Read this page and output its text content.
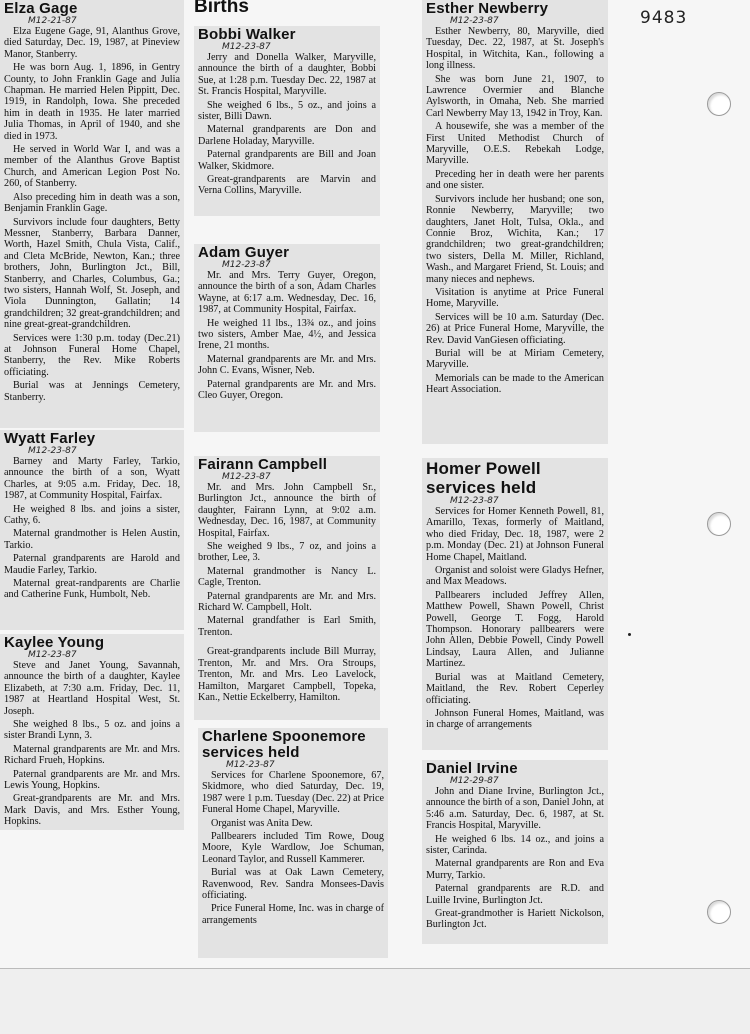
Births
9483
Elza Gage
M12-21-87

Elza Eugene Gage, 91, Alanthus Grove, died Saturday, Dec. 19, 1987, at Pineview Manor, Stanberry.

He was born Aug. 1, 1896, in Gentry County, to John Franklin Gage and Julia Chapman. He married Helen Pippitt, Dec. 1919, in Randolph, Iowa. She preceded him in death in 1935. He later married Julia Thomas, in April of 1940, and she died in 1973.

He served in World War I, and was a member of the Alanthus Grove Baptist Church, and American Legion Post No. 260, of Stanberry.

Also preceding him in death was a son, Benjamin Franklin Gage.

Survivors include four daughters, Betty Messner, Stanberry, Barbara Danner, Worth, Hazel Smith, Chula Vista, Calif., and Cleta McBride, Newton, Kan.; three brothers, John, Burlington Jct., Bill, Stanberry, and Charles, Columbus, Ga.; two sisters, Hannah Wolf, St. Joseph, and Viola Dunnington, Gallatin; 14 grandchildren; 32 great-grandchildren; and nine great-great-grandchildren.

Services were 1:30 p.m. today (Dec.21) at Johnson Funeral Home Chapel, Stanberry, the Rev. Mike Roberts officiating.

Burial was at Jennings Cemetery, Stanberry.

Wyatt Farley
M12-23-87

Barney and Marty Farley, Tarkio, announce the birth of a son, Wyatt Charles, at 9:05 a.m. Friday, Dec. 18, 1987, at Community Hospital, Fairfax.

He weighed 8 lbs. and joins a sister, Cathy, 6.

Maternal grandmother is Helen Austin, Tarkio.

Paternal grandparents are Harold and Maudie Farley, Tarkio.

Maternal great-randparents are Charlie and Catherine Funk, Humbolt, Neb.

Kaylee Young
M12-23-87

Steve and Janet Young, Savannah, announce the birth of a daughter, Kaylee Elizabeth, at 7:30 a.m. Friday, Dec. 11, 1987 at Heartland Hospital West, St. Joseph.

She weighed 8 lbs., 5 oz. and joins a sister Brandi Lynn, 3.

Maternal grandparents are Mr. and Mrs. Richard Frueh, Hopkins.

Paternal grandparents are Mr. and Mrs. Lewis Young, Hopkins.

Great-grandparents are Mr. and Mrs. Mark Davis, and Mrs. Esther Young, Hopkins.

Bobbi Walker
M12-23-87

Jerry and Donella Walker, Maryville, announce the birth of a daughter, Bobbi Sue, at 1:28 p.m. Tuesday Dec. 22, 1987 at St. Francis Hospital, Maryville.

She weighed 6 lbs., 5 oz., and joins a sister, Billi Dawn.

Maternal grandparents are Don and Darlene Holaday, Maryville.

Paternal grandparents are Bill and Joan Walker, Skidmore.

Great-grandparents are Marvin and Verna Collins, Maryville.

Adam Guyer
M12-23-87

Mr. and Mrs. Terry Guyer, Oregon, announce the birth of a son, Adam Charles Wayne, at 6:17 a.m. Wednesday, Dec. 16, 1987, at Community Hospital, Fairfax.

He weighed 11 lbs., 13¾ oz., and joins two sisters, Amber Mae, 4½, and Jessica Irene, 21 months.

Maternal grandparents are Mr. and Mrs. John C. Evans, Wisner, Neb.

Paternal grandparents are Mr. and Mrs. Cleo Guyer, Oregon.

Fairann Campbell
M12-23-87

Mr. and Mrs. John Campbell Sr., Burlington Jct., announce the birth of daughter, Fairann Lynn, at 9:02 a.m. Wednesday, Dec. 16, 1987, at Community Hospital, Fairfax.

She weighed 9 lbs., 7 oz, and joins a brother, Lee, 3.

Maternal grandmother is Nancy L. Cagle, Trenton.

Paternal grandparents are Mr. and Mrs. Richard W. Campbell, Holt.

Maternal grandfather is Earl Smith, Trenton.

Great-grandparents include Bill Murray, Trenton, Mr. and Mrs. Ora Stroups, Trenton, Mr. and Mrs. Leo Lavelock, Hamilton, Margaret Campbell, Topeka, Kan., Nettie Eckelberry, Hamilton.

Charlene Spoonemore services held
M12-23-87

Services for Charlene Spoonemore, 67, Skidmore, who died Saturday, Dec. 19, 1987 were 1 p.m. Tuesday (Dec. 22) at Price Funeral Home Chapel, Maryville.

Organist was Anita Dew.

Pallbearers included Tim Rowe, Doug Moore, Kyle Wardlow, Joe Schuman, Leonard Taylor, and Russell Kammerer.

Burial was at Oak Lawn Cemetery, Ravenwood, Rev. Sandra Monsees-Davis officiating.

Price Funeral Home, Inc. was in charge of arrangements

Esther Newberry
M12-23-87

Esther Newberry, 80, Maryville, died Tuesday, Dec. 22, 1987, at St. Joseph's Hospital, in Witchita, Kan., following a long illness.

She was born June 21, 1907, to Lawrence Overmier and Blanche Aylsworth, in Omaha, Neb. She married Carl Newberry May 13, 1942 in Troy, Kan.

A housewife, she was a member of the First United Methodist Church of Maryville, O.E.S. Rebekah Lodge, Maryville.

Preceding her in death were her parents and one sister.

Survivors include her husband; one son, Ronnie Newberry, Maryville; two daughters, Janet Holt, Tulsa, Okla., and Connie Broz, Wichita, Kan.; 17 grandchildren; two great-grandchildren; two sisters, Della M. Miller, Richland, Wash., and Margaret Friend, St. Louis; and many nieces and nephews.

Visitation is anytime at Price Funeral Home, Maryville.

Services will be 10 a.m. Saturday (Dec. 26) at Price Funeral Home, Maryville, the Rev. David VanGiesen officiating.

Burial will be at Miriam Cemetery, Maryville.

Memorials can be made to the American Heart Association.

Homer Powell services held
M12-23-87

Services for Homer Kenneth Powell, 81, Amarillo, Texas, formerly of Maitland, who died Friday, Dec. 18, 1987, were 2 p.m. Monday (Dec. 21) at Johnson Funeral Home Chapel, Maitland.

Organist and soloist were Gladys Hefner, and Max Meadows.

Pallbearers included Jeffrey Allen, Matthew Powell, Shawn Powell, Christ Powell, George T. Fogg, Harold Thompson. Honorary pallbearers were John Allen, Debbie Powell, Cindy Powell Lindsay, Laura Allen, and Julianne Martinez.

Burial was at Maitland Cemetery, Maitland, the Rev. Robert Ceperley officiating.

Johnson Funeral Homes, Maitland, was in charge of arrangements

Daniel Irvine
M12-29-87

John and Diane Irvine, Burlington Jct., announce the birth of a son, Daniel John, at 5:46 a.m. Saturday, Dec. 6, 1987, at St. Francis Hospital, Maryville.

He weighed 6 lbs. 14 oz., and joins a sister, Carinda.

Maternal grandparents are Ron and Eva Murry, Tarkio.

Paternal grandparents are R.D. and Luille Irvine, Burlington Jct.

Great-grandmother is Hariett Nickolson, Burlington Jct.
